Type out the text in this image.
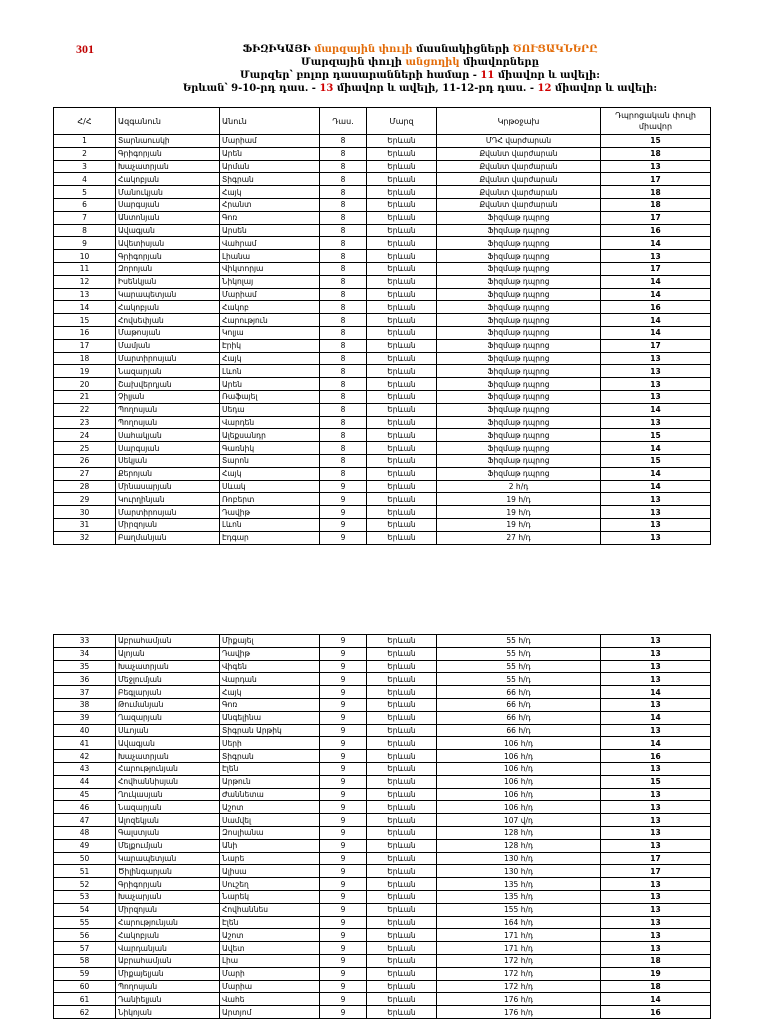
301	ՖԻԶԻԿԱՅԻ մարզային փուլի մասնակիցների ԾՈՒՑԱԿՆԵՐԸ
Մարզային փուլի անցողիկ միավորները
Մարզեր՝ բոլոր դասարանների համար - 11 միավոր և ավելի:
Երևան՝ 9-10-րդ դաս. - 13 միավոր և ավելի, 11-12-րդ դաս. - 12 միավոր և ավելի:
Հ/Հ	Ազգանուն	Անուն	Դաս.	Մարզ	Կրթօջախ	Դպրոցական փուլի միավոր
1	Տարնաուսկի	Մարիամ	8	Երևան	ՄԴՀ վարժարան	15
2	Գրիգորյան	Արեն	8	Երևան	Քվանտ վարժարան	18
3	Խաչատրյան	Արման	8	Երևան	Քվանտ վարժարան	13
4	Հակոբյան	Տիգրան	8	Երևան	Քվանտ վարժարան	17
5	Մանուկյան	Հայկ	8	Երևան	Քվանտ վարժարան	18
6	Սարգսյան	Հրանտ	8	Երևան	Քվանտ վարժարան	18
7	Անտոնյան	Գոռ	8	Երևան	Ֆիզմաթ դպրոց	17
8	Ավագյան	Արսեն	8	Երևան	Ֆիզմաթ դպրոց	16
9	Ավետիսյան	Վահրամ	8	Երևան	Ֆիզմաթ դպրոց	14
10	Գրիգորյան	Լիանա	8	Երևան	Ֆիզմաթ դպրոց	13
11	Զորոյան	Վիկտորյա	8	Երևան	Ֆիզմաթ դպրոց	17
12	Իսենկյան	Նիկոլայ	8	Երևան	Ֆիզմաթ դպրոց	14
13	Կարապետյան	Մարիամ	8	Երևան	Ֆիզմաթ դպրոց	14
14	Հակոբյան	Հակոբ	8	Երևան	Ֆիզմաթ դպրոց	16
15	Հովսեփյան	Հարություն	8	Երևան	Ֆիզմաթ դպրոց	14
16	Մաթոսյան	Կոլյա	8	Երևան	Ֆիզմաթ դպրոց	14
17	Մամյան	Էրիկ	8	Երևան	Ֆիզմաթ դպրոց	17
18	Մարտիրոսյան	Հայկ	8	Երևան	Ֆիզմաթ դպրոց	13
19	Նազարյան	Լևոն	8	Երևան	Ֆիզմաթ դպրոց	13
20	Շախվերդյան	Արեն	8	Երևան	Ֆիզմաթ դպրոց	13
21	Չիլյան	Ռաֆայել	8	Երևան	Ֆիզմաթ դպրոց	13
22	Պողոսյան	Սեդա	8	Երևան	Ֆիզմաթ դպրոց	14
23	Պողոսյան	Վարդեն	8	Երևան	Ֆիզմաթ դպրոց	13
24	Սահակյան	Ալեքսանդր	8	Երևան	Ֆիզմաթ դպրոց	15
25	Սարգսյան	Գառնիկ	8	Երևան	Ֆիզմաթ դպրոց	14
26	Սեկյան	Տարոն	8	Երևան	Ֆիզմաթ դպրոց	15
27	Քերոյան	Հայկ	8	Երևան	Ֆիզմաթ դպրոց	14
28	Մինասարյան	Սևակ	9	Երևան	2 հ/դ	14
29	Կուրղինյան	Ռոբերտ	9	Երևան	19 հ/դ	13
30	Մարտիրոսյան	Դավիթ	9	Երևան	19 հ/դ	13
31	Միրզոյան	Լևոն	9	Երևան	19 հ/դ	13
32	Բաղմանյան	Էդգար	9	Երևան	27 հ/դ	13
33	Աբրահամյան	Միքայել	9	Երևան	55 հ/դ	13
34	Ալոյան	Դավիթ	9	Երևան	55 հ/դ	13
35	Խաչատրյան	Վիգեն	9	Երևան	55 հ/դ	13
36	Մեջլումյան	Վարդան	9	Երևան	55 հ/դ	13
37	Բեգլարյան	Հայկ	9	Երևան	66 հ/դ	14
38	Թումանյան	Գոռ	9	Երևան	66 հ/դ	13
39	Ղազարյան	Անգելինա	9	Երևան	66 հ/դ	14
40	Սևոյան	Տիգրան Արթիկ	9	Երևան	66 հ/դ	13
41	Ավագյան	Սերի	9	Երևան	106 հ/դ	14
42	Խաչատրյան	Տիգրան	9	Երևան	106 հ/դ	16
43	Հարությունյան	Էլեն	9	Երևան	106 հ/դ	13
44	Հովհաննիսյան	Արթուն	9	Երևան	106 հ/դ	15
45	Ղուկասյան	Ժաննետա	9	Երևան	106 հ/դ	13
46	Նազարյան	Աշոտ	9	Երևան	106 հ/դ	13
47	Ալոզեկյան	Սամվել	9	Երևան	107 վ/դ	13
48	Գալստյան	Զոսլիանա	9	Երևան	128 հ/դ	13
49	Մելքումյան	Անի	9	Երևան	128 հ/դ	13
50	Կարապետյան	Նարե	9	Երևան	130 հ/դ	17
51	Ծիլինգարյան	Ալիսա	9	Երևան	130 հ/դ	17
52	Գրիգորյան	Սուշեղ	9	Երևան	135 հ/դ	13
53	Խաչարյան	Նարեկ	9	Երևան	135 հ/դ	13
54	Միրզոյան	Հովհաննես	9	Երևան	155 հ/դ	13
55	Հարությունյան	Էլեն	9	Երևան	164 հ/դ	13
56	Հակոբյան	Աշոտ	9	Երևան	171 հ/դ	13
57	Վարդանյան	Ավետ	9	Երևան	171 հ/դ	13
58	Աբրահամյան	Լիա	9	Երևան	172 հ/դ	18
59	Միքայելյան	Մարի	9	Երևան	172 հ/դ	19
60	Պողոսյան	Մարիա	9	Երևան	172 հ/դ	18
61	Դանիելյան	Վահե	9	Երևան	176 հ/դ	14
62	Նիկոյան	Արտյոմ	9	Երևան	176 հ/դ	16
